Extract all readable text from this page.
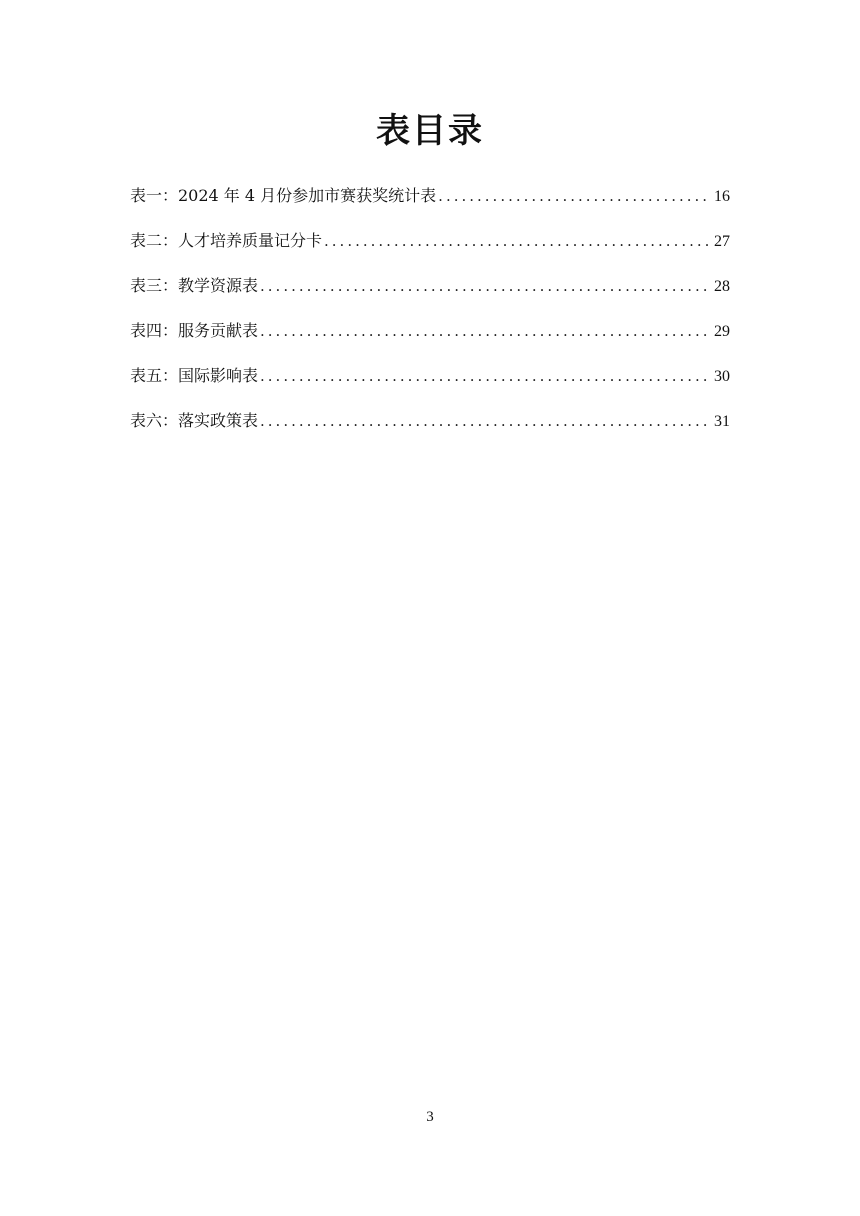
表目录
表一：2024 年 4 月份参加市赛获奖统计表 .....	16
表二：人才培养质量记分卡 .....	27
表三：教学资源表 .....	28
表四：服务贡献表 .....	29
表五：国际影响表 .....	30
表六：落实政策表 .....	31
3
